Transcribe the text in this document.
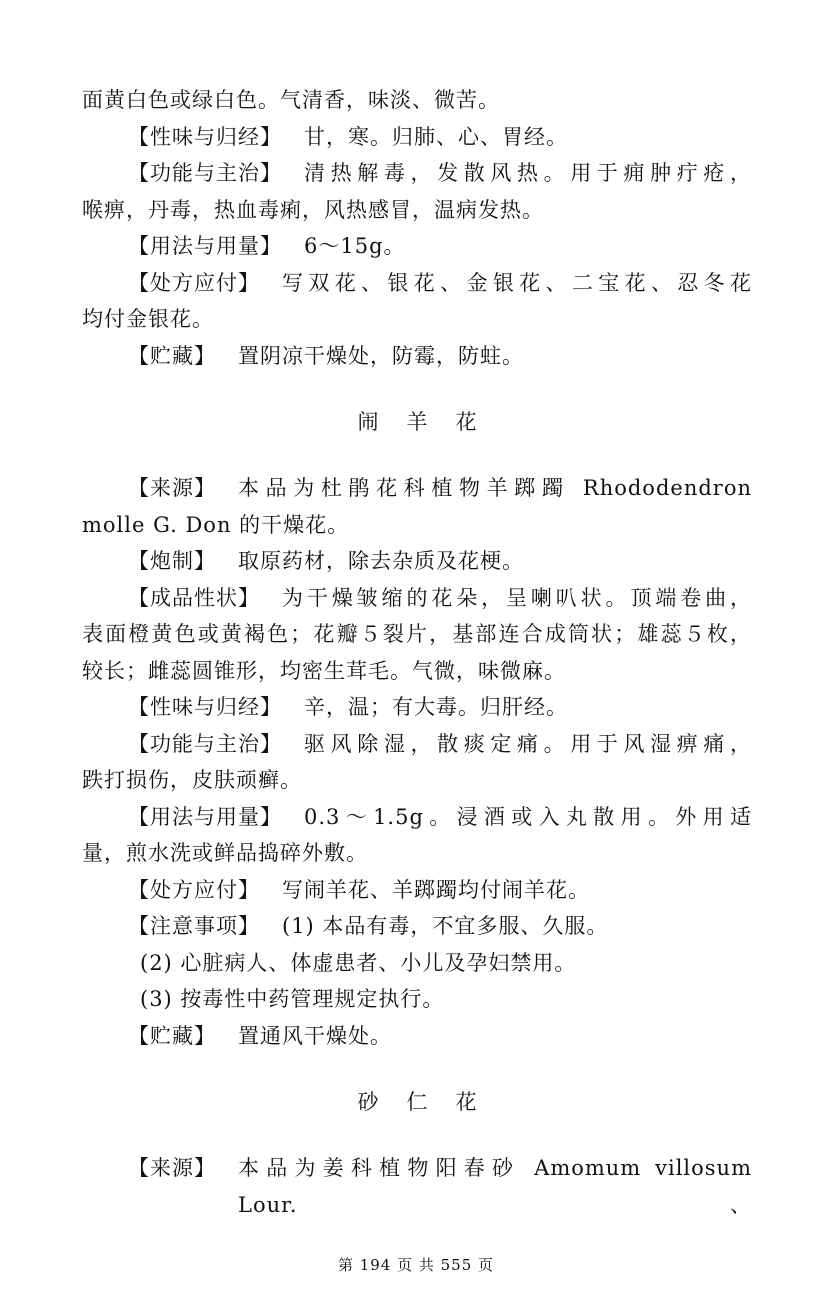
面黄白色或绿白色。气清香，味淡、微苦。
【性味与归经】 甘，寒。归肺、心、胃经。
【功能与主治】 清热解毒，发散风热。用于痈肿疔疮，
喉痹，丹毒，热血毒痢，风热感冒，温病发热。
【用法与用量】 6～15g。
【处方应付】 写双花、银花、金银花、二宝花、忍冬花
均付金银花。
【贮藏】 置阴凉干燥处，防霉，防蛀。
闹羊花
【来源】 本品为杜鹃花科植物羊踯躅 Rhododendron
molle G. Don 的干燥花。
【炮制】 取原药材，除去杂质及花梗。
【成品性状】 为干燥皱缩的花朵，呈喇叭状。顶端卷曲，
表面橙黄色或黄褐色；花瓣５裂片，基部连合成筒状；雄蕊５枚，
较长；雌蕊圆锥形，均密生茸毛。气微，味微麻。
【性味与归经】 辛，温；有大毒。归肝经。
【功能与主治】 驱风除湿，散痰定痛。用于风湿痹痛，
跌打损伤，皮肤顽癣。
【用法与用量】 0.3～1.5g。浸酒或入丸散用。外用适
量，煎水洗或鲜品捣碎外敷。
【处方应付】 写闹羊花、羊踯躅均付闹羊花。
【注意事项】 (1) 本品有毒，不宜多服、久服。
(2) 心脏病人、体虚患者、小儿及孕妇禁用。
(3) 按毒性中药管理规定执行。
【贮藏】 置通风干燥处。
砂仁花
【来源】 本品为姜科植物阳春砂 Amomum villosum Lour.、
第 194 页 共 555 页
